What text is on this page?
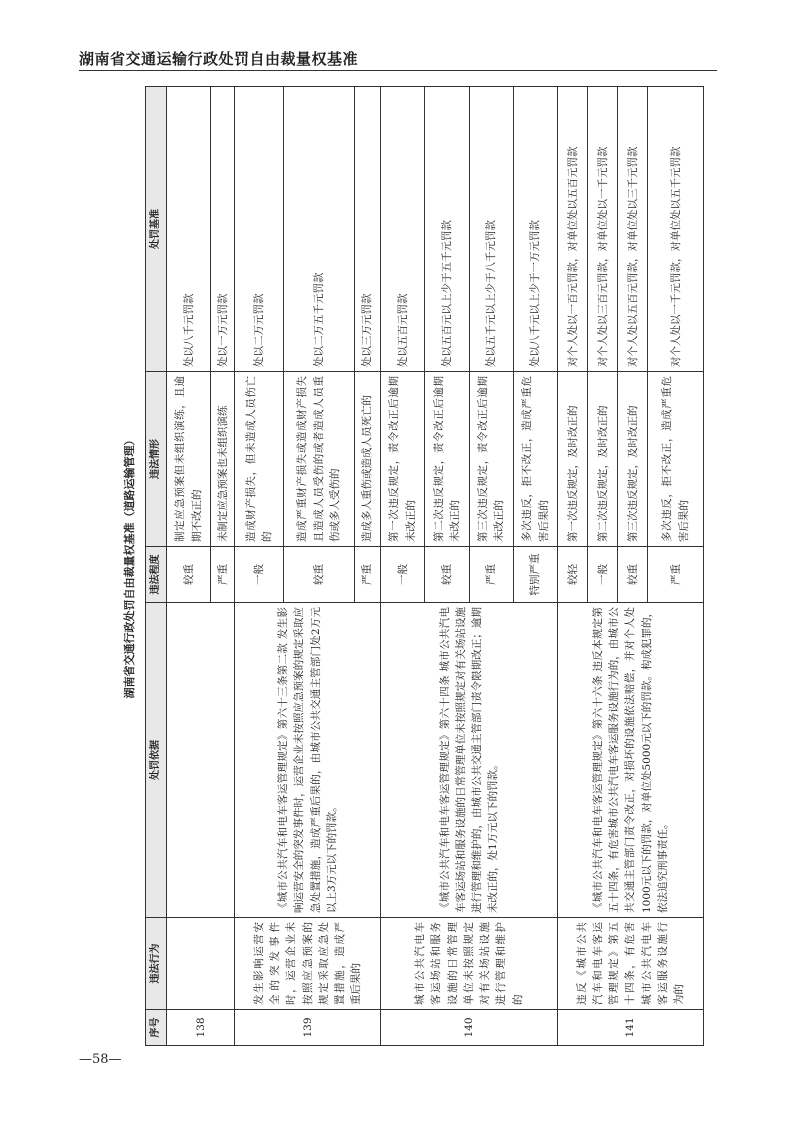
湖南省交通运输行政处罚自由裁量权基准
湖南省交通行政处罚自由裁量权基准（道路运输管理）
序号	违法行为	处罚依据	违法程度	违法情形	处罚基准
138			较重	制定应急预案但未组织演练，且逾期不改正的	处以八千元罚款
			严重	未制定应急预案也未组织演练	处以一万元罚款
139	发生影响运营安全的突发事件时，运营企业未按照应急预案的规定采取应急处置措施，造成严重后果的	《城市公共汽车和电车客运管理规定》第六十三条第二款 发生影响运营安全的突发事件时，运营企业未按照应急预案的规定采取应急处置措施，造成严重后果的，由城市公共交通主管部门处2万元以上3万元以下的罚款。	一般	造成财产损失，但未造成人员伤亡的	处以二万元罚款
			较重	造成严重财产损失或造成财产损失且造成人员受伤的或者造成人员重伤或多人受伤的	处以二万五千元罚款
			严重	造成多人重伤或造成人员死亡的	处以三万元罚款
140	城市公共汽电车客运场站和服务设施的日常管理单位未按照规定对有关场站设施进行管理和维护的	《城市公共汽车和电车客运管理规定》第六十四条 城市公共汽电车客运场站和服务设施的日常管理单位未按照规定对有关场站设施进行管理和维护的，由城市公共交通主管部门责令限期改正；逾期未改正的，处1万元以下的罚款。	一般	第一次违反规定，责令改正后逾期未改正的	处以五百元罚款
			较重	第二次违反规定，责令改正后逾期未改正的	处以五百元以上少于五千元罚款
			严重	第三次违反规定，责令改正后逾期未改正的	处以五千元以上少于八千元罚款
			特别严重	多次违反，拒不改正，造成严重危害后果的	处以八千元以上少于一万元罚款
141	违反《城市公共汽车和电车客运管理规定》第五十四条，有危害城市公共汽电车客运服务设施行为的	《城市公共汽车和电车客运管理规定》第六十六条 违反本规定第五十四条，有危害城市公共汽电车客运服务设施行为的，由城市公共交通主管部门责令改正，对损坏的设施依法赔偿，并对个人处1000元以下的罚款，对单位处5000元以下的罚款。构成犯罪的，依法追究刑事责任。	较轻	第一次违反规定，及时改正的	对个人处以一百元罚款，对单位处以五百元罚款
			一般	第二次违反规定，及时改正的	对个人处以三百元罚款，对单位处以一千元罚款
			较重	第三次违反规定，及时改正的	对个人处以五百元罚款，对单位处以三千元罚款
			严重	多次违反，拒不改正，造成严重危害后果的	对个人处以一千元罚款，对单位处以五千元罚款
—58—
